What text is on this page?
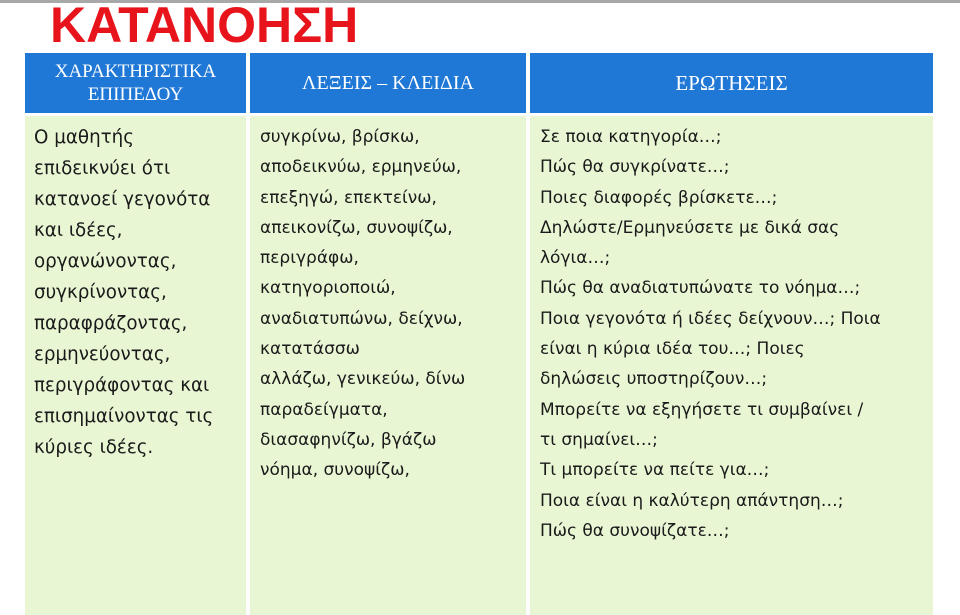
ΚΑΤΑΝΟΗΣΗ
ΧΑΡΑΚΤΗΡΙΣΤΙΚΑ ΕΠΙΠΕΔΟΥ
ΛΕΞΕΙΣ – ΚΛΕΙΔΙΑ	ΕΡΩΤΗΣΕΙΣ

Ο μαθητής
επιδεικνύει ότι
κατανοεί γεγονότα
και ιδέες,
οργανώνοντας,
συγκρίνοντας,
παραφράζοντας,
ερμηνεύοντας,
περιγράφοντας και
επισημαίνοντας τις
κύριες ιδέες.

συγκρίνω, βρίσκω,
αποδεικνύω, ερμηνεύω,
επεξηγώ, επεκτείνω,
απεικονίζω, συνοψίζω,
περιγράφω,
κατηγοριοποιώ,
αναδιατυπώνω, δείχνω,
κατατάσσω
αλλάζω, γενικεύω, δίνω
παραδείγματα,
διασαφηνίζω, βγάζω
νόημα, συνοψίζω,

Σε ποια κατηγορία…;
Πώς θα συγκρίνατε…;
Ποιες διαφορές βρίσκετε…;
Δηλώστε/Ερμηνεύσετε με δικά σας
λόγια…;
Πώς θα αναδιατυπώνατε το νόημα…;
Ποια γεγονότα ή ιδέες δείχνουν…; Ποια
είναι η κύρια ιδέα του…; Ποιες
δηλώσεις υποστηρίζουν…;
Μπορείτε να εξηγήσετε τι συμβαίνει /
τι σημαίνει…;
Τι μπορείτε να πείτε για…;
Ποια είναι η καλύτερη απάντηση…;
Πώς θα συνοψίζατε…;
